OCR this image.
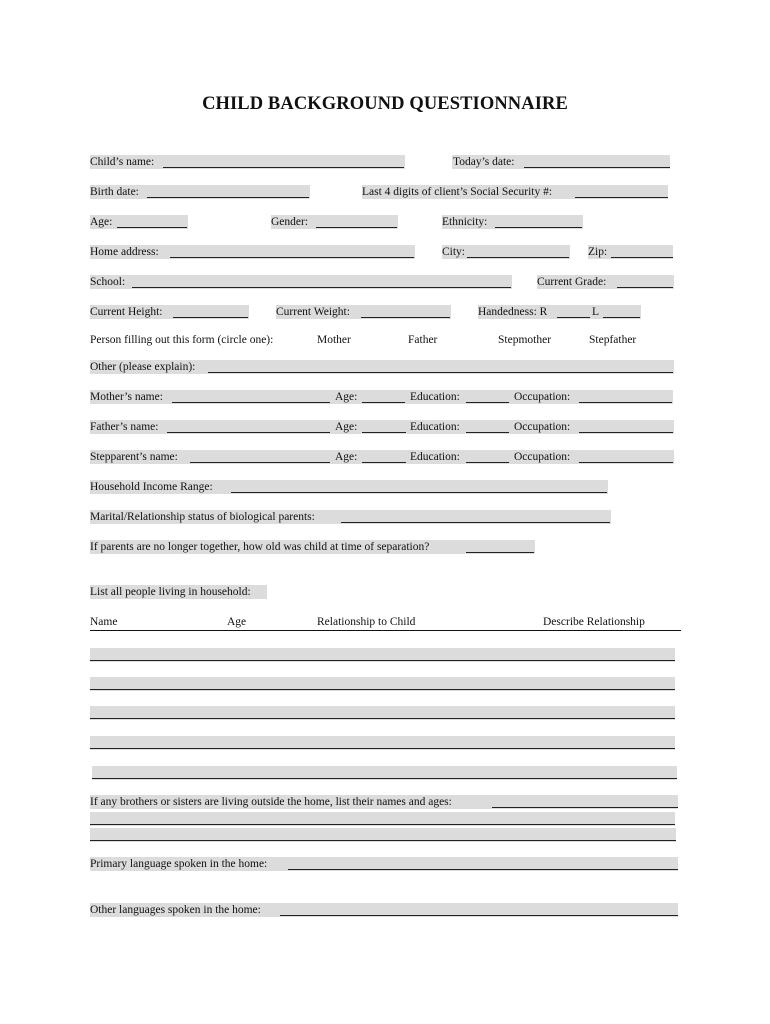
CHILD BACKGROUND QUESTIONNAIRE
Child’s name:	Today’s date:
Birth date:	Last 4 digits of client’s Social Security #:
Age:	Gender:	Ethnicity:
Home address:	City:	Zip:
School:	Current Grade:
Current Height:	Current Weight:	Handedness: R	L
Person filling out this form (circle one):	Mother	Father	Stepmother	Stepfather
Other (please explain):
Mother’s name:	Age:	Education:	Occupation:
Father’s name:	Age:	Education:	Occupation:
Stepparent’s name:	Age:	Education:	Occupation:
Household Income Range:
Marital/Relationship status of biological parents:
If parents are no longer together, how old was child at time of separation?
List all people living in household:
Name	Age	Relationship to Child	Describe Relationship
If any brothers or sisters are living outside the home, list their names and ages:
Primary language spoken in the home:
Other languages spoken in the home:
